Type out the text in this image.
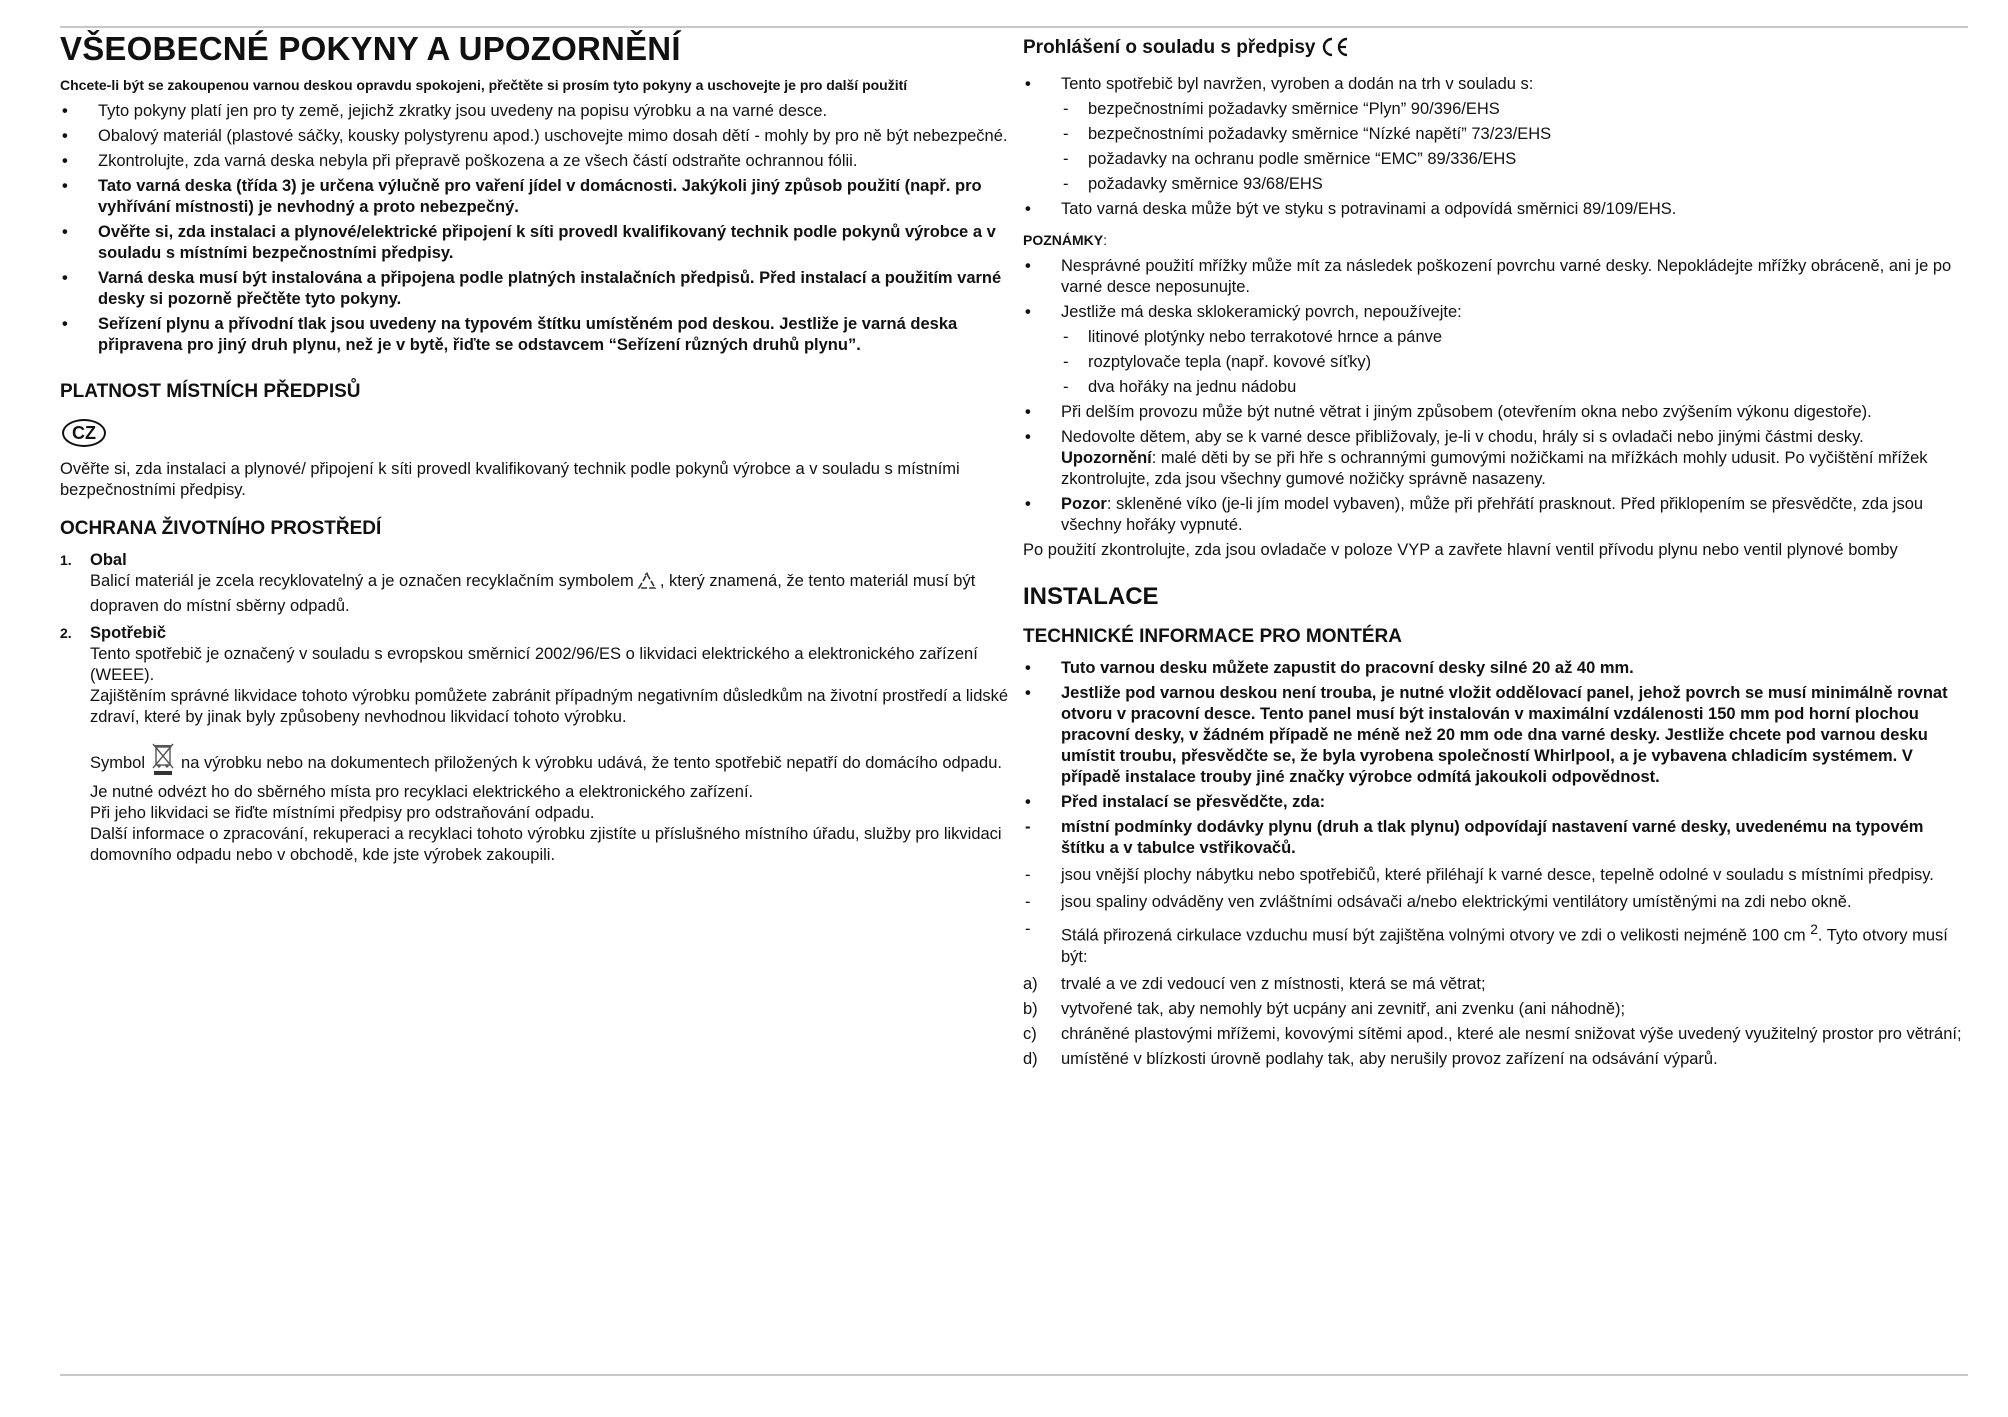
VŠEOBECNÉ POKYNY A UPOZORNĚNÍ

Chcete-li být se zakoupenou varnou deskou opravdu spokojeni, přečtěte si prosím tyto pokyny a uschovejte je pro další použití

• Tyto pokyny platí jen pro ty země, jejichž zkratky jsou uvedeny na popisu výrobku a na varné desce.
• Obalový materiál (plastové sáčky, kousky polystyrenu apod.) uschovejte mimo dosah dětí - mohly by pro ně být nebezpečné.
• Zkontrolujte, zda varná deska nebyla při přepravě poškozena a ze všech částí odstraňte ochrannou fólii.
• Tato varná deska (třída 3) je určena výlučně pro vaření jídel v domácnosti. Jakýkoli jiný způsob použití (např. pro vyhřívání místnosti) je nevhodný a proto nebezpečný.
• Ověřte si, zda instalaci a plynové/elektrické připojení k síti provedl kvalifikovaný technik podle pokynů výrobce a v souladu s místními bezpečnostními předpisy.
• Varná deska musí být instalována a připojena podle platných instalačních předpisů. Před instalací a použitím varné desky si pozorně přečtěte tyto pokyny.
• Seřízení plynu a přívodní tlak jsou uvedeny na typovém štítku umístěném pod deskou. Jestliže je varná deska připravena pro jiný druh plynu, než je v bytě, řiďte se odstavcem “Seřízení různých druhů plynu”.
PLATNOST MÍSTNÍCH PŘEDPISŮ
CZ

Ověřte si, zda instalaci a plynové/ připojení k síti provedl kvalifikovaný technik podle pokynů výrobce a v souladu s místními bezpečnostními předpisy.

OCHRANA ŽIVOTNÍHO PROSTŘEDÍ
1. Obal
Balicí materiál je zcela recyklovatelný a je označen recyklačním symbolem , který znamená, že tento materiál musí být dopraven do místní sběrny odpadů.
2. Spotřebič
Tento spotřebič je označený v souladu s evropskou směrnicí 2002/96/ES o likvidaci elektrického a elektronického zařízení (WEEE).
Zajištěním správné likvidace tohoto výrobku pomůžete zabránit případným negativním důsledkům na životní prostředí a lidské zdraví, které by jinak byly způsobeny nevhodnou likvidací tohoto výrobku.
Symbol na výrobku nebo na dokumentech přiložených k výrobku udává, že tento spotřebič nepatří do domácího odpadu. Je nutné odvézt ho do sběrného místa pro recyklaci elektrického a elektronického zařízení.
Při jeho likvidaci se řiďte místními předpisy pro odstraňování odpadu.
Další informace o zpracování, rekuperaci a recyklaci tohoto výrobku zjistíte u příslušného místního úřadu, služby pro likvidaci domovního odpadu nebo v obchodě, kde jste výrobek zakoupili.
Prohlášení o souladu s předpisy
• Tento spotřebič byl navržen, vyroben a dodán na trh v souladu s:
- bezpečnostními požadavky směrnice “Plyn” 90/396/EHS
- bezpečnostními požadavky směrnice “Nízké napětí” 73/23/EHS
- požadavky na ochranu podle směrnice “EMC” 89/336/EHS
- požadavky směrnice 93/68/EHS
• Tato varná deska může být ve styku s potravinami a odpovídá směrnici 89/109/EHS.
POZNÁMKY:
• Nesprávné použití mřížky může mít za následek poškození povrchu varné desky. Nepokládejte mřížky obráceně, ani je po varné desce neposunujte.
• Jestliže má deska sklokeramický povrch, nepoužívejte:
- litinové plotýnky nebo terrakotové hrnce a pánve
- rozptylovače tepla (např. kovové síťky)
- dva hořáky na jednu nádobu
• Při delším provozu může být nutné větrat i jiným způsobem (otevřením okna nebo zvýšením výkonu digestoře).
• Nedovolte dětem, aby se k varné desce přibližovaly, je-li v chodu, hrály si s ovladači nebo jinými částmi desky.
Upozornění: malé děti by se při hře s ochrannými gumovými nožičkami na mřížkách mohly udusit. Po vyčištění mřížek zkontrolujte, zda jsou všechny gumové nožičky správně nasazeny.
• Pozor: skleněné víko (je-li jím model vybaven), může při přehřátí prasknout. Před přiklopením se přesvědčte, zda jsou všechny hořáky vypnuté.

Po použití zkontrolujte, zda jsou ovladače v poloze VYP a zavřete hlavní ventil přívodu plynu nebo ventil plynové bomby

INSTALACE
TECHNICKÉ INFORMACE PRO MONTÉRA
• Tuto varnou desku můžete zapustit do pracovní desky silné 20 až 40 mm.
• Jestliže pod varnou deskou není trouba, je nutné vložit oddělovací panel, jehož povrch se musí minimálně rovnat otvoru v pracovní desce. Tento panel musí být instalován v maximální vzdálenosti 150 mm pod horní plochou pracovní desky, v žádném případě ne méně než 20 mm ode dna varné desky. Jestliže chcete pod varnou desku umístit troubu, přesvědčte se, že byla vyrobena společností Whirlpool, a je vybavena chladicím systémem. V případě instalace trouby jiné značky výrobce odmítá jakoukoli odpovědnost.
• Před instalací se přesvědčte, zda:
- místní podmínky dodávky plynu (druh a tlak plynu) odpovídají nastavení varné desky, uvedenému na typovém štítku a v tabulce vstřikovačů.
- jsou vnější plochy nábytku nebo spotřebičů, které přiléhají k varné desce, tepelně odolné v souladu s místními předpisy.
- jsou spaliny odváděny ven zvláštními odsávači a/nebo elektrickými ventilátory umístěnými na zdi nebo okně.
- Stálá přirozená cirkulace vzduchu musí být zajištěna volnými otvory ve zdi o velikosti nejméně 100 cm $^2$. Tyto otvory musí být:
a) trvalé a ve zdi vedoucí ven z místnosti, která se má větrat;
b) vytvořené tak, aby nemohly být ucpány ani zevnitř, ani zvenku (ani náhodně);
c) chráněné plastovými mřížemi, kovovými sítěmi apod., které ale nesmí snižovat výše uvedený využitelný prostor pro větrání;
d) umístěné v blízkosti úrovně podlahy tak, aby nerušily provoz zařízení na odsávání výparů.
